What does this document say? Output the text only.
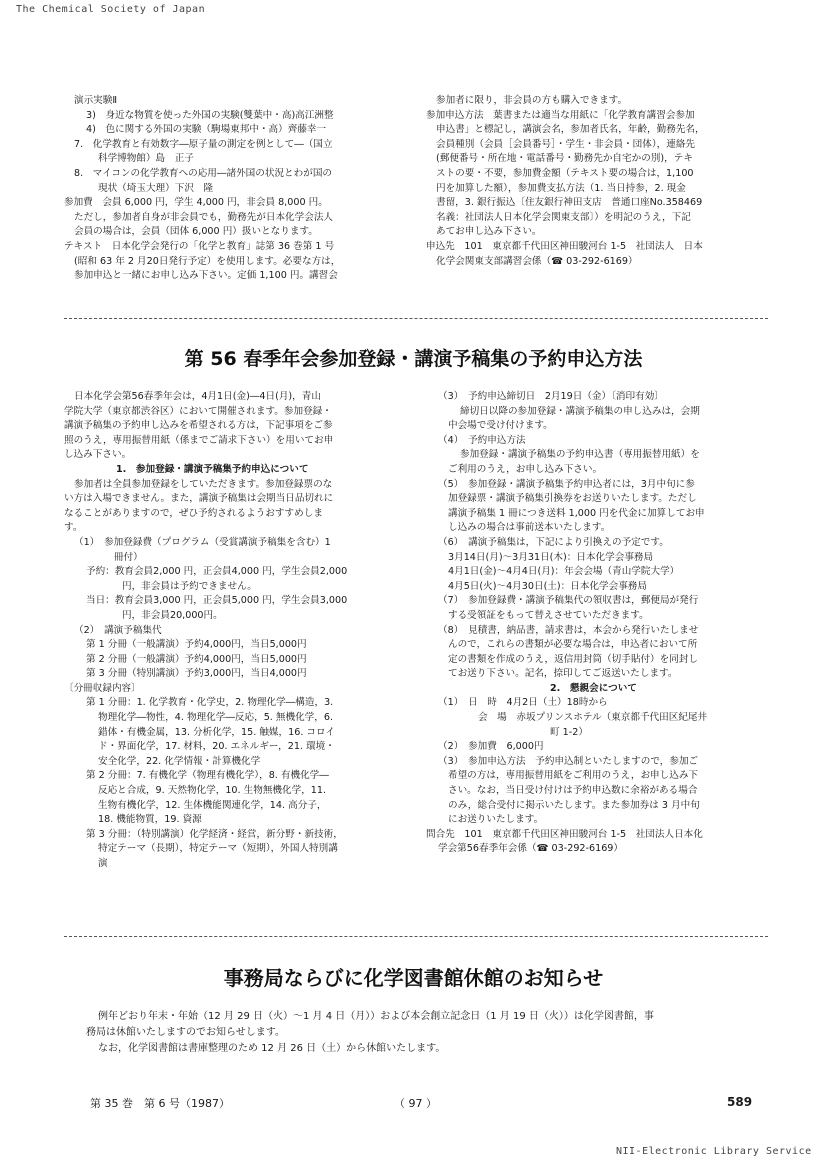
The Chemical Society of Japan
演示実験Ⅱ
3)　身近な物質を使った外国の実験(雙葉中・高)高江洲整
4)　色に関する外国の実験（駒場東邦中・高）齊藤幸一
7.　化学教育と有効数字―原子量の測定を例として―（国立
科学博物館）島　正子
8.　マイコンの化学教育への応用―諸外国の状況とわが国の
現状（埼玉大理）下沢　隆
参加費　会員 6,000 円，学生 4,000 円，非会員 8,000 円。
ただし，参加者自身が非会員でも，勤務先が日本化学会法人
会員の場合は，会員（団体 6,000 円）扱いとなります。
テキスト　日本化学会発行の「化学と教育」誌第 36 巻第 1 号
(昭和 63 年 2 月20日発行予定）を使用します。必要な方は，
参加申込と一緒にお申し込み下さい。定価 1,100 円。講習会
参加者に限り，非会員の方も購入できます。
参加申込方法　葉書または適当な用紙に「化学教育講習会参加
申込書」と標記し，講演会名，参加者氏名，年齢，勤務先名，
会員種別（会員［会員番号］・学生・非会員・団体），連絡先
(郵便番号・所在地・電話番号・勤務先か自宅かの別)，テキ
ストの要・不要，参加費金額（テキスト要の場合は，1,100
円を加算した額），参加費支払方法（1. 当日持参，2. 現金
書留，3. 銀行振込〔住友銀行神田支店　普通口座No.358469
名義：社団法人日本化学会関東支部〕）を明記のうえ，下記
あてお申し込み下さい。
申込先　101　東京都千代田区神田駿河台 1-5　社団法人　日本
化学会関東支部講習会係（☎ 03-292-6169）
第 56 春季年会参加登録・講演予稿集の予約申込方法
日本化学会第56春季年会は，4月1日(金)―4日(月)，青山
学院大学（東京都渋谷区）において開催されます。参加登録・
講演予稿集の予約申し込みを希望される方は，下記事項をご参
照のうえ，専用振替用紙（係までご請求下さい）を用いてお申
し込み下さい。
1.　参加登録・講演予稿集予約申込について
参加者は全員参加登録をしていただきます。参加登録票のな
い方は入場できません。また，講演予稿集は会期当日品切れに
なることがありますので，ぜひ予約されるようおすすめしま
す。
（1）　参加登録費（プログラム（受賞講演予稿集を含む）1
冊付）
予約：教育会員2,000 円，正会員4,000 円，学生会員2,000
円，非会員は予約できません。
当日：教育会員3,000 円，正会員5,000 円，学生会員3,000
円，非会員20,000円。
（2）　講演予稿集代
第 1 分冊（一般講演）予約4,000円，当日5,000円
第 2 分冊（一般講演）予約4,000円，当日5,000円
第 3 分冊（特別講演）予約3,000円，当日4,000円
〔分冊収録内容〕
第 1 分冊：1. 化学教育・化学史，2. 物理化学―構造，3.
物理化学―物性，4. 物理化学―反応，5. 無機化学，6.
錯体・有機金属，13. 分析化学，15. 触媒，16. コロイ
ド・界面化学，17. 材料，20. エネルギー，21. 環境・
安全化学，22. 化学情報・計算機化学
第 2 分冊：7. 有機化学（物理有機化学），8. 有機化学―
反応と合成，9. 天然物化学，10. 生物無機化学，11.
生物有機化学，12. 生体機能関連化学，14. 高分子，
18. 機能物質，19. 資源
第 3 分冊：（特別講演）化学経済・経営，新分野・新技術，
特定テーマ（長期），特定テーマ（短期），外国人特別講
演
（3）　予約申込締切日　2月19日（金）〔消印有効〕
締切日以降の参加登録・講演予稿集の申し込みは，会期
中会場で受け付けます。
（4）　予約申込方法
参加登録・講演予稿集の予約申込書（専用振替用紙）を
ご利用のうえ，お申し込み下さい。
（5）　参加登録・講演予稿集予約申込者には，3月中旬に参
加登録票・講演予稿集引換券をお送りいたします。ただし
講演予稿集 1 冊につき送料 1,000 円を代金に加算してお申
し込みの場合は事前送本いたします。
（6）　講演予稿集は，下記により引換えの予定です。
3月14日(月)～3月31日(木)：日本化学会事務局
4月1日(金)～4月4日(月)：年会会場（青山学院大学）
4月5日(火)～4月30日(土)：日本化学会事務局
（7）　参加登録費・講演予稿集代の領収書は，郵便局が発行
する受領証をもって替えさせていただきます。
（8）　見積書，納品書，請求書は，本会から発行いたしませ
んので，これらの書類が必要な場合は，申込者において所
定の書類を作成のうえ，返信用封筒（切手貼付）を同封し
てお送り下さい。記名，捺印してご返送いたします。
2.　懇親会について
（1）　日　時　4月2日（土）18時から
会　場　赤坂プリンスホテル（東京都千代田区紀尾井
町 1-2）
（2）　参加費　6,000円
（3）　参加申込方法　予約申込制といたしますので，参加ご
希望の方は，専用振替用紙をご利用のうえ，お申し込み下
さい。なお，当日受け付けは予約申込数に余裕がある場合
のみ，総合受付に掲示いたします。また参加券は 3 月中旬
にお送りいたします。
問合先　101　東京都千代田区神田駿河台 1-5　社団法人日本化
学会第56春季年会係（☎ 03-292-6169）
事務局ならびに化学図書館休館のお知らせ
例年どおり年末・年始（12 月 29 日（火）～1 月 4 日（月））および本会創立記念日（1 月 19 日（火））は化学図書館，事
務局は休館いたしますのでお知らせします。
なお，化学図書館は書庫整理のため 12 月 26 日（土）から休館いたします。
第 35 巻　第 6 号（1987）	（ 97 ）	589
NII-Electronic Library Service
